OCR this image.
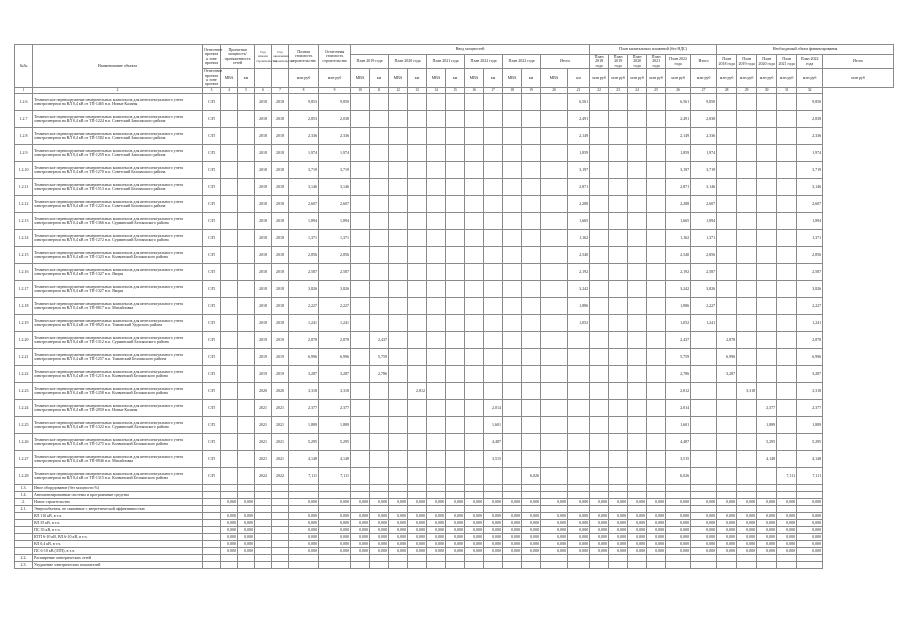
№№	Наименование объекта	Отнесение проекта к зоне проекта	Проектная мощность/протяженность сетей		Год начала строительства	Год окончания строительства	Полная стоимость строительства	Остаточная стоимость строительства	Ввод мощностей												План капитальных вложений (без НДС)						Необходимый объем финансирования					
									План 2019 года		План 2020 года		План 2021 года		План 2022 года		План 2022 года		Итого		План 2018 года	План 2019 года	План 2020 года	План 2021 года	План 2022 года	Итого	План 2018 года	План 2019 года	План 2020 года	План 2021 года	План 2022 года	Итого
		Отнесение проекта к зоне проекта	МВА	км			млн руб	млн руб	МВА	км	МВА	км	МВА	км	МВА	км	МВА	км	МВА	км	млн руб	млн руб	млн руб	млн руб	млн руб	млн руб	млн руб	млн руб	млн руб	млн руб	млн руб	млн руб
1	2	3	4	5	6	7	8	9	10	11	12	13	14	15	16	17	18	19	20	21	22	23	24	25	26	27	28	29	30	31	32	
1.2.6	Техническое перевооружение измерительных комплексов для интеллектуального учета электроэнергии на ВЛ 0,4 кВ от ТП-1465 н.п. Новые Каланы	С/П			2018	2018	9,853	9,850												6,561					6,561	9,850					9,850	
1.2.7	Техническое перевооружение измерительных комплексов для интеллектуального учета электроэнергии на ВЛ 0,4 кВ от ТП-1224 н.п. Советский Заволжского района	С/П			2018	2018	2,853	2,038												2,491					2,491	2,838					2,838	
1.2.8	Техническое перевооружение измерительных комплексов для интеллектуального учета электроэнергии на ВЛ 0,4 кВ от ТП-1582 н.п. Советский Заволжского района	С/П			2018	2018	2,336	2,336												2,149					2,149	2,336					2,336	
1.2.9	Техническое перевооружение измерительных комплексов для интеллектуального учета электроэнергии на ВЛ 0,4 кВ от ТП-1259 н.п. Советский Заволжского района	С/П			2018	2018	1,974	1,974												1,859					1,859	1,974					1,974	
1.2.10	Техническое перевооружение измерительных комплексов для интеллектуального учета электроэнергии на ВЛ 0,4 кВ от ТП-1270 н.п. Советский Белоямского района	С/П			2018	2018	3,719	3,719												3,197					3,197	3,719					3,719	
1.2.11	Техническое перевооружение измерительных комплексов для интеллектуального учета электроэнергии на ВЛ 0,4 кВ от ТП-1513 н.п. Советский Белоямского района	С/П			2018	2018	3,146	3,146												2,871					2,871	3,146					3,146	
1.2.12	Техническое перевооружение измерительных комплексов для интеллектуального учета электроэнергии на ВЛ 0,4 кВ от ТП-1225 н.п. Советский Белоямского района	С/П			2018	2018	2,607	2,607												2,288					2,288	2,607					2,607	
1.2.13	Техническое перевооружение измерительных комплексов для интеллектуального учета электроэнергии на ВЛ 0,4 кВ от ТП-1366 н.п. Сурминский Белоямского района	С/П			2018	2018	1,894	1,894												1,665					1,665	1,894					1,894	
1.2.14	Техническое перевооружение измерительных комплексов для интеллектуального учета электроэнергии на ВЛ 0,4 кВ от ТП-1272 н.п. Сурминский Белоямского района	С/П			2018	2018	1,371	1,371												1,162					1,162	1,371					1,371	
1.2.15	Техническое перевооружение измерительных комплексов для интеллектуального учета электроэнергии на ВЛ 0,4 кВ от ТП-1323 н.п. Колвинский Белоямского района	С/П			2018	2018	2,856	2,856												2,540					2,540	2,856					2,856	
1.2.16	Техническое перевооружение измерительных комплексов для интеллектуального учета электроэнергии на ВЛ 0,4 кВ от ТП-1327 н.п. Якоры	С/П			2018	2018	2,587	2,587												2,192					2,192	2,587					2,587	
1.2.17	Техническое перевооружение измерительных комплексов для интеллектуального учета электроэнергии на ВЛ 0,4 кВ от ТП-1327 н.п. Якоры	С/П			2018	2018	3,826	3,826												3,242					3,242	3,826					3,826	
1.2.18	Техническое перевооружение измерительных комплексов для интеллектуального учета электроэнергии на ВЛ 0,4 кВ от ТП-0817 н.п. Михайловка	С/П			2018	2018	2,227	2,227												1,886					1,886	2,227					2,227	
1.2.19	Техническое перевооружение измерительных комплексов для интеллектуального учета электроэнергии на ВЛ 0,4 кВ от ТП-0925 н.п. Тиманский Удорского района	С/П			2018	2018	1,241	1,241												1,052					1,052	1,241					1,241	
1.2.20	Техническое перевооружение измерительных комплексов для интеллектуального учета электроэнергии на ВЛ 0,4 кВ от ТП-1312 н.п. Сурминский Белоямского района	С/П			2019	2019	2,878	2,878		2,437															2,437		2,878				2,878	
1.2.21	Техническое перевооружение измерительных комплексов для интеллектуального учета электроэнергии на ВЛ 0,4 кВ от ТП-1257 н.п. Тиманский Белоямского района	С/П			2019	2019	6,996	6,996		5,759															5,759		6,996				6,996	
1.2.22	Техническое перевооружение измерительных комплексов для интеллектуального учета электроэнергии на ВЛ 0,4 кВ от ТП-1215 н.п. Колвинский Белоямского района	С/П			2019	2019	3,287	3,287		2,786															2,786		3,287				3,287	
1.2.23	Техническое перевооружение измерительных комплексов для интеллектуального учета электроэнергии на ВЛ 0,4 кВ от ТП-1258 н.п. Колвинский Белоямского района	С/П			2020	2020	3,318	3,318				2,812													2,812			3,318			3,318	
1.2.24	Техническое перевооружение измерительных комплексов для интеллектуального учета электроэнергии на ВЛ 0,4 кВ от ТП-2050 н.п. Новые Каланы	С/П			2021	2021	2,377	2,377								2,014									2,014				2,377		2,377	
1.2.25	Техническое перевооружение измерительных комплексов для интеллектуального учета электроэнергии на ВЛ 0,4 кВ от ТП-1322 н.п. Сурминский Белоямского района	С/П			2021	2021	1,889	1,889								1,601									1,601				1,889		1,889	
1.2.26	Техническое перевооружение измерительных комплексов для интеллектуального учета электроэнергии на ВЛ 0,4 кВ от ТП-1275 н.п. Колвинский Белоямского района	С/П			2021	2021	5,295	5,295								4,487									4,487				5,295		5,295	
1.2.27	Техническое перевооружение измерительных комплексов для интеллектуального учета электроэнергии на ВЛ 0,4 кВ от ТП-0946 н.п. Михайловка	С/П			2021	2021	4,148	4,148								3,515									3,515				4,148		4,148	
1.2.28	Техническое перевооружение измерительных комплексов для интеллектуального учета электроэнергии на ВЛ 0,4 кВ от ТП-1315 н.п. Колвинский Белоямского района	С/П			2022	2022	7,111	7,111										6,026							6,026					7,111	7,111	
1.3.	Иное оборудование (без мощности %)																															
1.4.	Автоматизированные системы и программные средства																															
2.	Новое строительство		0,060	0,000			0,000	0,000	0,000	0,000	0,000	0,000	0,000	0,000	0,000	0,000	0,000	0,000	0,000	0,000	0,000	0,000	0,000	0,000	0,000	0,000	0,000	0,000	0,000	0,000	0,000	
2.1.	Энергообъекты, не связанные с энергетической эффективностью																															
	ВЛ 110 кВ, в т.ч.		0,000	0,000			0,000	0,000	0,000	0,000	0,000	0,000	0,000	0,000	0,000	0,000	0,000	0,000	0,000	0,000	0,000	0,000	0,000	0,000	0,000	0,000	0,000	0,000	0,000	0,000	0,000	
	ВЛ 35 кВ, в т.ч.		0,000	0,000			0,000	0,000	0,000	0,000	0,000	0,000	0,000	0,000	0,000	0,000	0,000	0,000	0,000	0,000	0,000	0,000	0,000	0,000	0,000	0,000	0,000	0,000	0,000	0,000	0,000	
	ПС 35 кВ, в т.ч.		0,000	0,000			0,000	0,000	0,000	0,000	0,000	0,000	0,000	0,000	0,000	0,000	0,000	0,000	0,000	0,000	0,000	0,000	0,000	0,000	0,000	0,000	0,000	0,000	0,000	0,000	0,000	
	КТП 6-10 кВ, ВЛ 6-10 кВ, в т.ч.		0,000	0,000			0,000	0,000	0,000	0,000	0,000	0,000	0,000	0,000	0,000	0,000	0,000	0,000	0,000	0,000	0,000	0,000	0,000	0,000	0,000	0,000	0,000	0,000	0,000	0,000	0,000	
	ВЛ 0,4 кВ, в т.ч.		0,000	0,000			0,000	0,000	0,000	0,000	0,000	0,000	0,000	0,000	0,000	0,000	0,000	0,000	0,000	0,000	0,000	0,000	0,000	0,000	0,000	0,000	0,000	0,000	0,000	0,000	0,000	
	ПС 6-10 кВ (ЗТП), в т.ч.		0,000	0,000			0,000	0,000	0,000	0,000	0,000	0,000	0,000	0,000	0,000	0,000	0,000	0,000	0,000	0,000	0,000	0,000	0,000	0,000	0,000	0,000	0,000	0,000	0,000	0,000	0,000	
2.2.	Расширение электрических сетей																															
2.3.	Ухудшение электрических показателей																															
